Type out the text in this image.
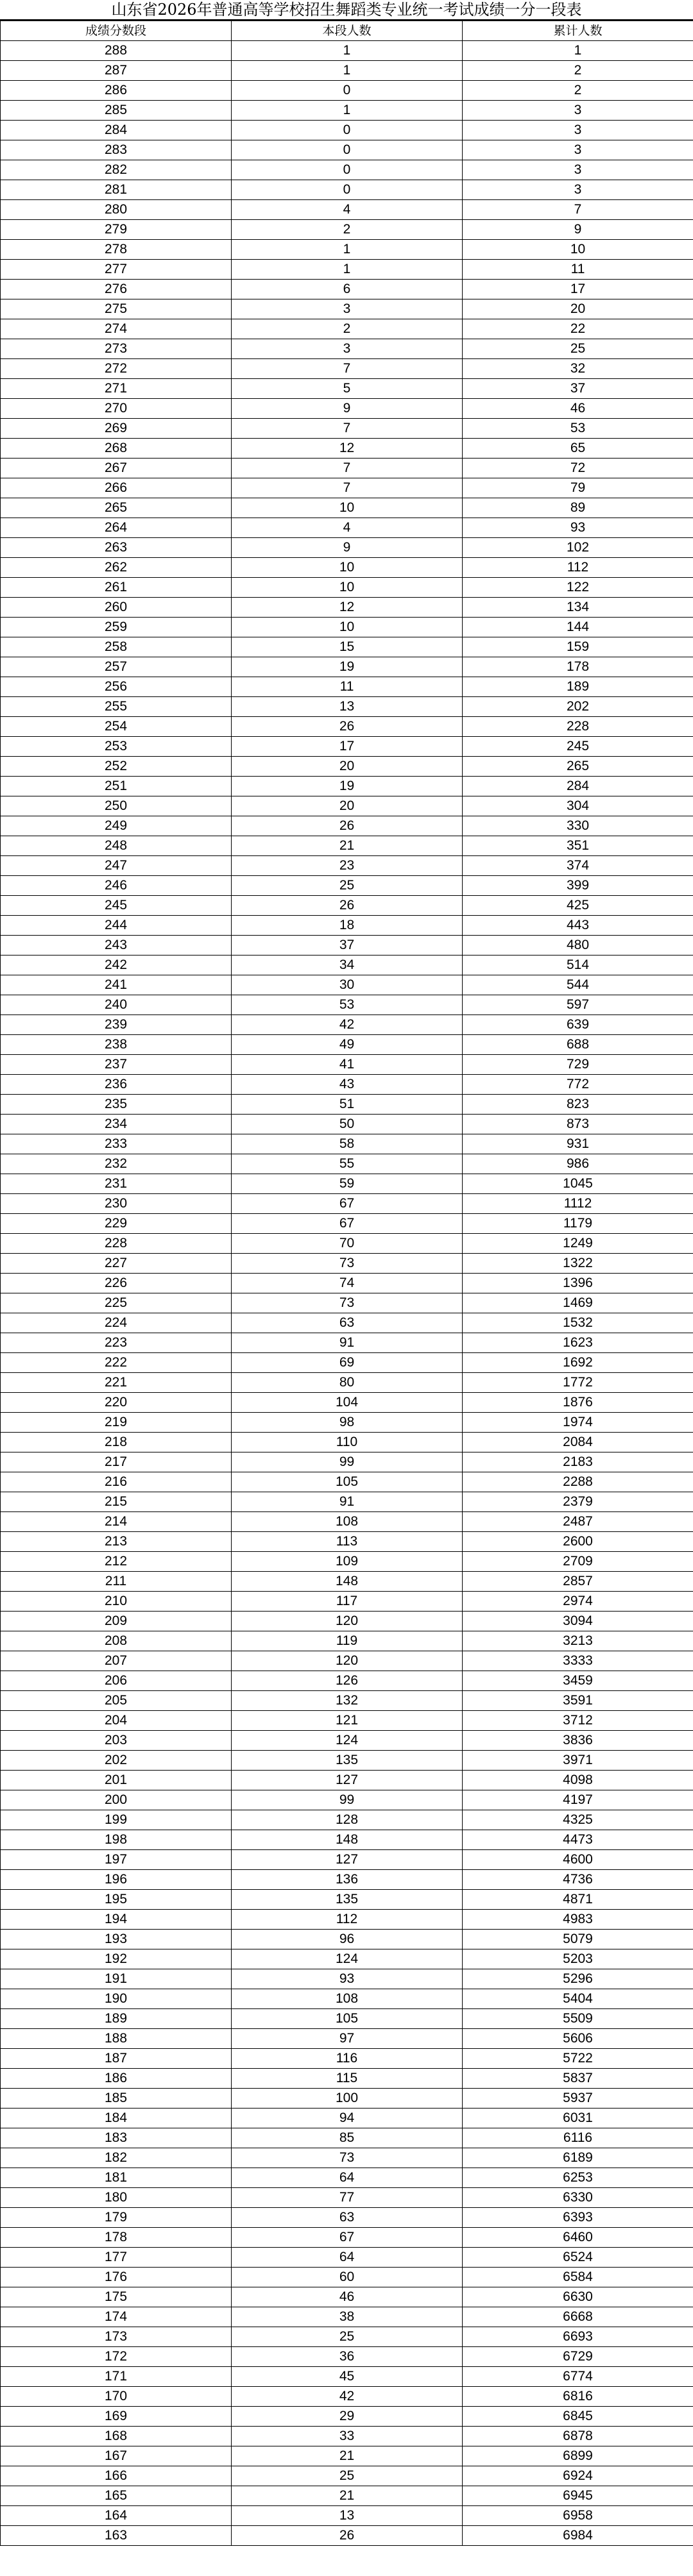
山东省2026年普通高等学校招生舞蹈类专业统一考试成绩一分一段表
成绩分数段	本段人数	累计人数
288	1	1
287	1	2
286	0	2
285	1	3
284	0	3
283	0	3
282	0	3
281	0	3
280	4	7
279	2	9
278	1	10
277	1	11
276	6	17
275	3	20
274	2	22
273	3	25
272	7	32
271	5	37
270	9	46
269	7	53
268	12	65
267	7	72
266	7	79
265	10	89
264	4	93
263	9	102
262	10	112
261	10	122
260	12	134
259	10	144
258	15	159
257	19	178
256	11	189
255	13	202
254	26	228
253	17	245
252	20	265
251	19	284
250	20	304
249	26	330
248	21	351
247	23	374
246	25	399
245	26	425
244	18	443
243	37	480
242	34	514
241	30	544
240	53	597
239	42	639
238	49	688
237	41	729
236	43	772
235	51	823
234	50	873
233	58	931
232	55	986
231	59	1045
230	67	1112
229	67	1179
228	70	1249
227	73	1322
226	74	1396
225	73	1469
224	63	1532
223	91	1623
222	69	1692
221	80	1772
220	104	1876
219	98	1974
218	110	2084
217	99	2183
216	105	2288
215	91	2379
214	108	2487
213	113	2600
212	109	2709
211	148	2857
210	117	2974
209	120	3094
208	119	3213
207	120	3333
206	126	3459
205	132	3591
204	121	3712
203	124	3836
202	135	3971
201	127	4098
200	99	4197
199	128	4325
198	148	4473
197	127	4600
196	136	4736
195	135	4871
194	112	4983
193	96	5079
192	124	5203
191	93	5296
190	108	5404
189	105	5509
188	97	5606
187	116	5722
186	115	5837
185	100	5937
184	94	6031
183	85	6116
182	73	6189
181	64	6253
180	77	6330
179	63	6393
178	67	6460
177	64	6524
176	60	6584
175	46	6630
174	38	6668
173	25	6693
172	36	6729
171	45	6774
170	42	6816
169	29	6845
168	33	6878
167	21	6899
166	25	6924
165	21	6945
164	13	6958
163	26	6984
